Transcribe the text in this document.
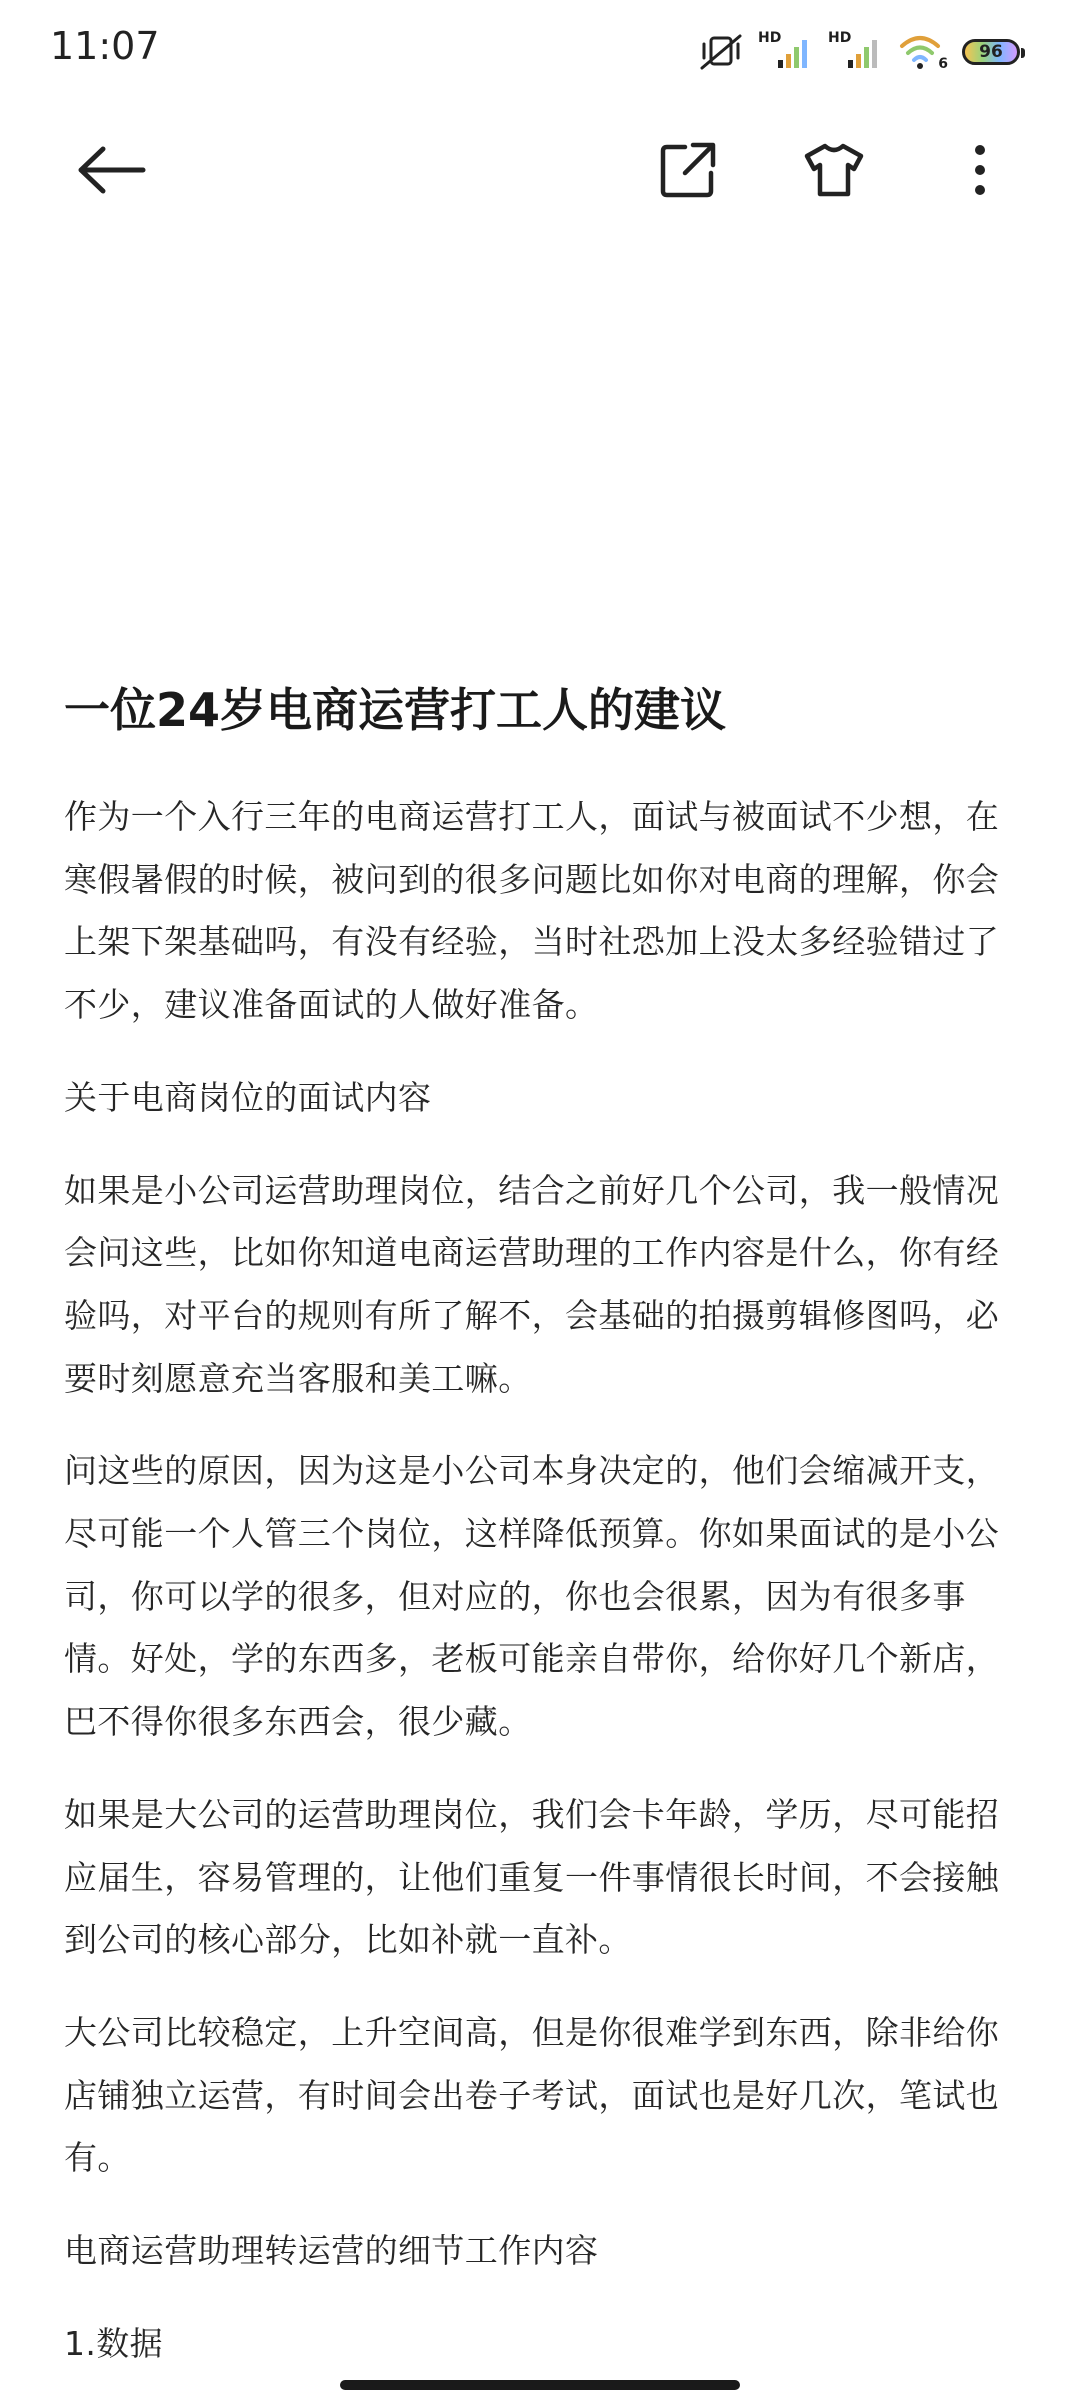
11:07	HD	HD
6
96
一位24岁电商运营打工人的建议

作为一个入行三年的电商运营打工人，面试与被面试不少想，在寒假暑假的时候，被问到的很多问题比如你对电商的理解，你会上架下架基础吗，有没有经验，当时社恐加上没太多经验错过了不少，建议准备面试的人做好准备。

关于电商岗位的面试内容

如果是小公司运营助理岗位，结合之前好几个公司，我一般情况会问这些，比如你知道电商运营助理的工作内容是什么，你有经验吗，对平台的规则有所了解不，会基础的拍摄剪辑修图吗，必要时刻愿意充当客服和美工嘛。

问这些的原因，因为这是小公司本身决定的，他们会缩减开支，尽可能一个人管三个岗位，这样降低预算。你如果面试的是小公司，你可以学的很多，但对应的，你也会很累，因为有很多事情。好处，学的东西多，老板可能亲自带你，给你好几个新店，巴不得你很多东西会，很少藏。

如果是大公司的运营助理岗位，我们会卡年龄，学历，尽可能招应届生，容易管理的，让他们重复一件事情很长时间，不会接触到公司的核心部分，比如补就一直补。

大公司比较稳定，上升空间高，但是你很难学到东西，除非给你店铺独立运营，有时间会出卷子考试，面试也是好几次，笔试也有。

电商运营助理转运营的细节工作内容

1.数据
